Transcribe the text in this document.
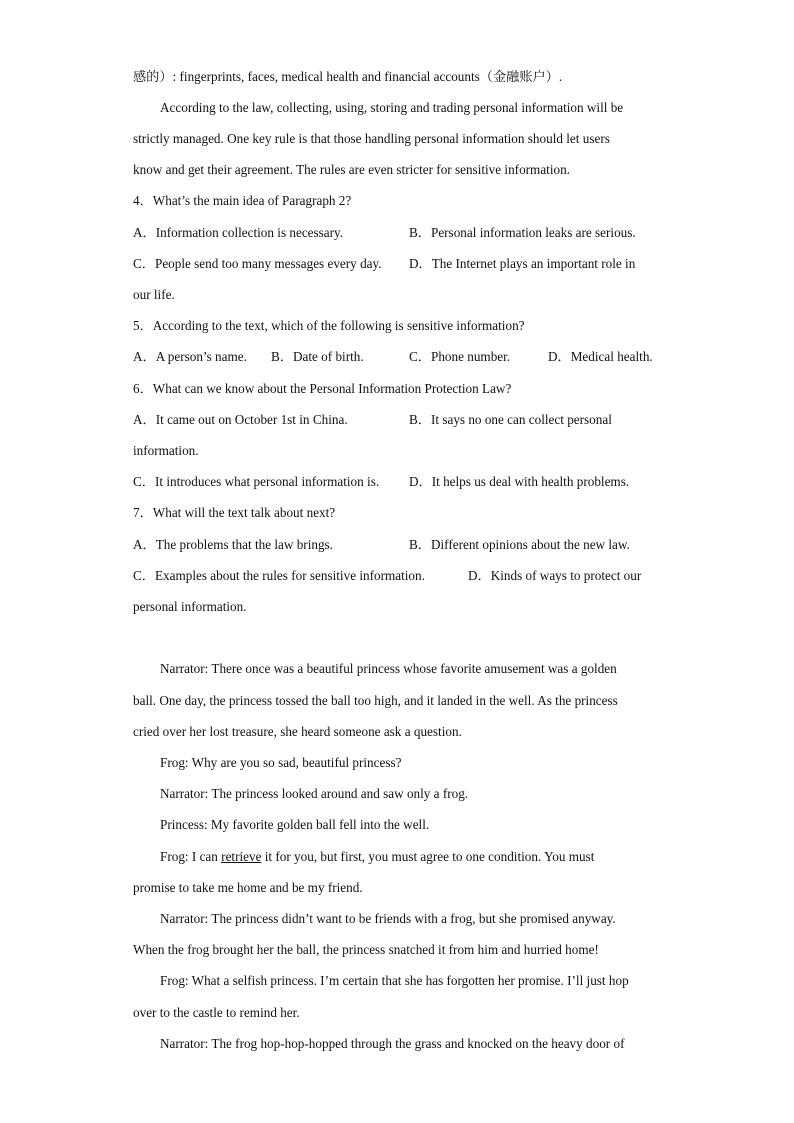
感的）: fingerprints, faces, medical health and financial accounts（金融账户）.
According to the law, collecting, using, storing and trading personal information will be
strictly managed. One key rule is that those handling personal information should let users
know and get their agreement. The rules are even stricter for sensitive information.
4．What’s the main idea of Paragraph 2?
A．Information collection is necessary.	B．Personal information leaks are serious.
C．People send too many messages every day. D．The Internet plays an important role in
our life.
5．According to the text, which of the following is sensitive information?
A．A person’s name. B．Date of birth.	C．Phone number.	D．Medical health.
6．What can we know about the Personal Information Protection Law?
A．It came out on October 1st in China.	B．It says no one can collect personal
information.
C．It introduces what personal information is. D．It helps us deal with health problems.
7．What will the text talk about next?
A．The problems that the law brings.	B．Different opinions about the new law.
C．Examples about the rules for sensitive information.	D．Kinds of ways to protect our
personal information.
Narrator: There once was a beautiful princess whose favorite amusement was a golden
ball. One day, the princess tossed the ball too high, and it landed in the well. As the princess
cried over her lost treasure, she heard someone ask a question.
Frog: Why are you so sad, beautiful princess?
Narrator: The princess looked around and saw only a frog.
Princess: My favorite golden ball fell into the well.
Frog: I can retrieve it for you, but first, you must agree to one condition. You must
promise to take me home and be my friend.
Narrator: The princess didn’t want to be friends with a frog, but she promised anyway.
When the frog brought her the ball, the princess snatched it from him and hurried home!
Frog: What a selfish princess. I’m certain that she has forgotten her promise. I’ll just hop
over to the castle to remind her.
Narrator: The frog hop-hop-hopped through the grass and knocked on the heavy door of
